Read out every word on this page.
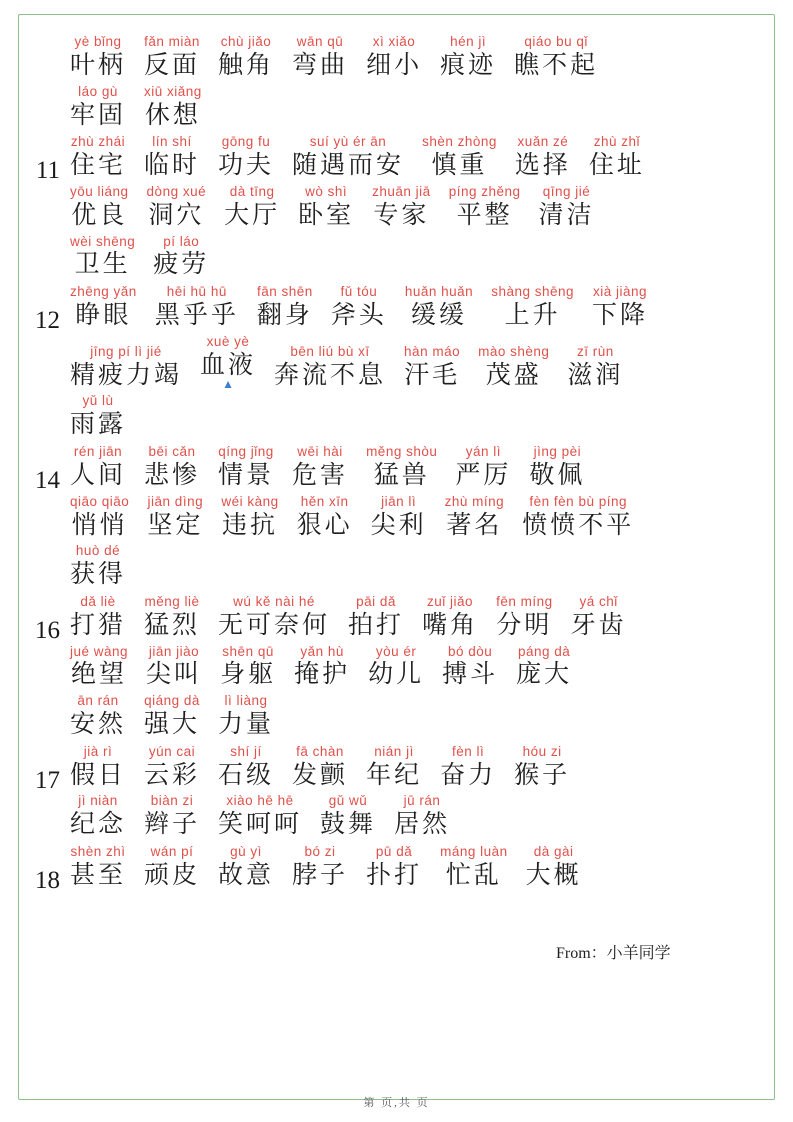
yè bǐng
叶柄
fǎn miàn
反面
chù jiǎo
触角
wān qū
弯曲
xì xiǎo
细小
hén jì
痕迹
qiáo bu qǐ
瞧不起
láo gù
牢固
xiū xiǎng
休想
11
zhù zhái
住宅
lín shí
临时
gōng fu
功夫
suí yù ér ān
随遇而安
shèn zhòng
慎重
xuǎn zé
选择
zhù zhǐ
住址
yōu liáng
优良
dòng xué
洞穴
dà tīng
大厅
wò shì
卧室
zhuān jiā
专家
píng zhěng
平整
qīng jié
清洁
wèi shēng
卫生
pí láo
疲劳
12
zhēng yǎn
睁眼
hēi hū hū
黑乎乎
fān shēn
翻身
fǔ tóu
斧头
huǎn huǎn
缓缓
shàng shēng
上升
xià jiàng
下降
jīng pí lì jié
精疲力竭
xuè yè
血液
▲
bēn liú bù xī
奔流不息
hàn máo
汗毛
mào shèng
茂盛
zī rùn
滋润
yǔ lù
雨露
14
rén jiān
人间
bēi cǎn
悲惨
qíng jǐng
情景
wēi hài
危害
měng shòu
猛兽
yán lì
严厉
jìng pèi
敬佩
qiāo qiāo
悄悄
jiān dìng
坚定
wéi kàng
违抗
hěn xīn
狠心
jiān lì
尖利
zhù míng
著名
fèn fèn bù píng
愤愤不平
huò dé
获得
16
dǎ liè
打猎
měng liè
猛烈
wú kě nài hé
无可奈何
pāi dǎ
拍打
zuǐ jiǎo
嘴角
fēn míng
分明
yá chǐ
牙齿
jué wàng
绝望
jiān jiào
尖叫
shēn qū
身躯
yǎn hù
掩护
yòu ér
幼儿
bó dòu
搏斗
páng dà
庞大
ān rán
安然
qiáng dà
强大
lì liàng
力量
17
jià rì
假日
yún cai
云彩
shí jí
石级
fā chàn
发颤
nián jì
年纪
fèn lì
奋力
hóu zi
猴子
jì niàn
纪念
biàn zi
辫子
xiào hē hē
笑呵呵
gǔ wǔ
鼓舞
jū rán
居然
18
shèn zhì
甚至
wán pí
顽皮
gù yì
故意
bó zi
脖子
pū dǎ
扑打
máng luàn
忙乱
dà gài
大概
From：小羊同学
第 页,共 页
